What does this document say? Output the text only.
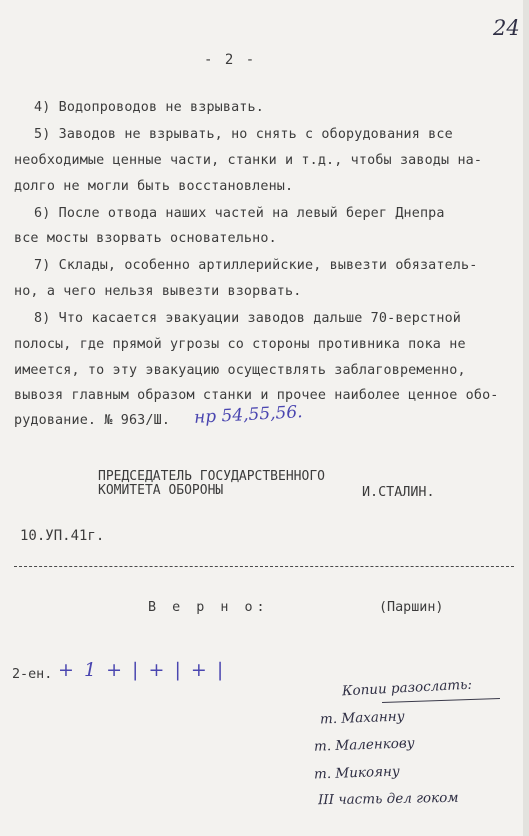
24
- 2 -
4) Водопроводов не взрывать.
5) Заводов не взрывать, но снять с оборудования все
необходимые ценные части, станки и т.д., чтобы заводы на-
долго не могли быть восстановлены.
6) После отвода наших частей на левый берег Днепра
все мосты взорвать основательно.
7) Склады, особенно артиллерийские, вывезти обязатель-
но, а чего нельзя вывезти взорвать.
8) Что касается эвакуации заводов дальше 70-верстной
полосы, где прямой угрозы со стороны противника пока не
имеется, то эту эвакуацию осуществлять заблаговременно,
вывозя главным образом станки и прочее наиболее ценное обо-
рудование. № 963/Ш. нр 54,55,56.
ПРЕДСЕДАТЕЛЬ ГОСУДАРСТВЕННОГО
КОМИТЕТА ОБОРОНЫ	И.СТАЛИН.
10.УП.41г.
В е р н о:	(Паршин)
2-ен. + 1 + | + | + |
Копии разослать:
т. Маханну
т. Маленкову
т. Микояну
III часть дел гоком
